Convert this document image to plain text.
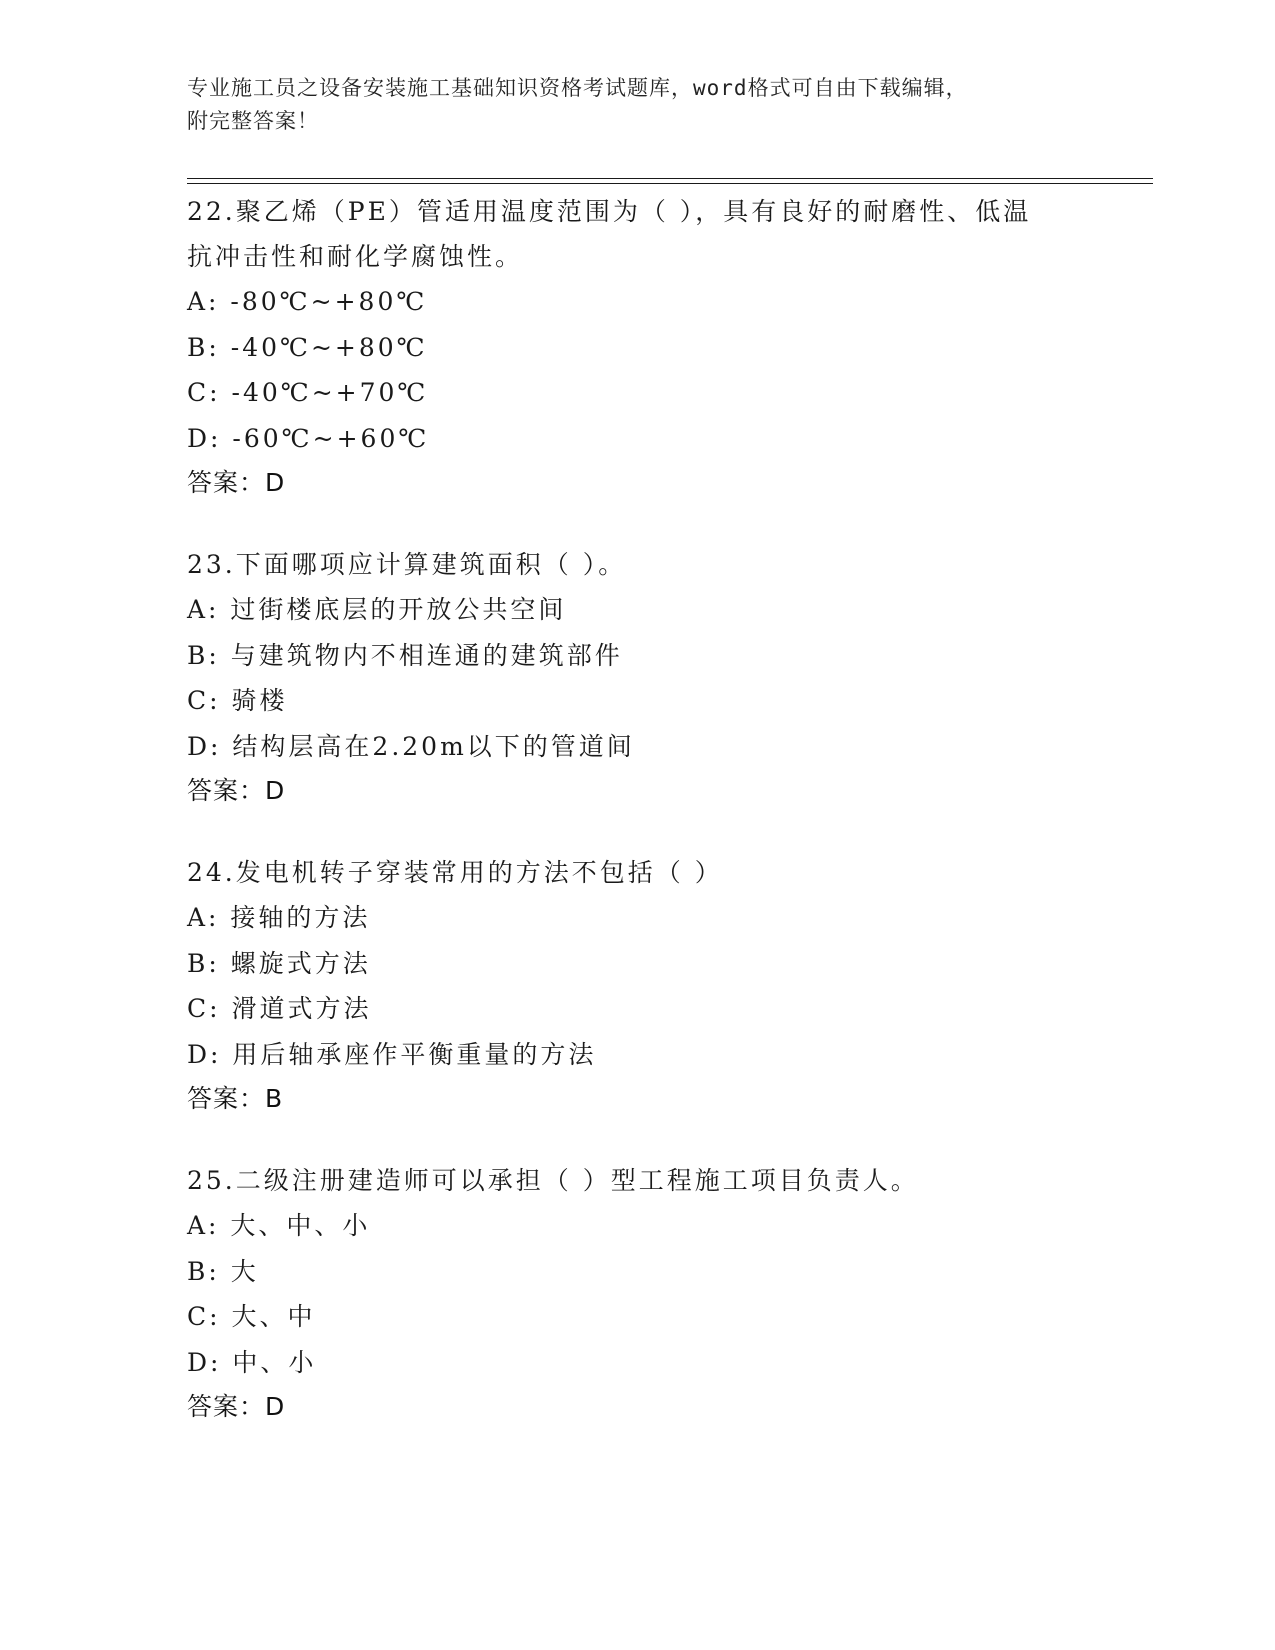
专业施工员之设备安装施工基础知识资格考试题库，word格式可自由下载编辑，
附完整答案！

22.聚乙烯（PE）管适用温度范围为（ ），具有良好的耐磨性、低温
抗冲击性和耐化学腐蚀性。

A: -80℃~+80℃

B: -40℃~+80℃

C: -40℃~+70℃

D: -60℃~+60℃

答案：D

23.下面哪项应计算建筑面积（ ）。

A: 过街楼底层的开放公共空间

B: 与建筑物内不相连通的建筑部件

C: 骑楼

D: 结构层高在2.20m以下的管道间

答案：D

24.发电机转子穿装常用的方法不包括（ ）

A: 接轴的方法

B: 螺旋式方法

C: 滑道式方法

D: 用后轴承座作平衡重量的方法

答案：B

25.二级注册建造师可以承担（ ）型工程施工项目负责人。

A: 大、中、小

B: 大

C: 大、中

D: 中、小

答案：D
